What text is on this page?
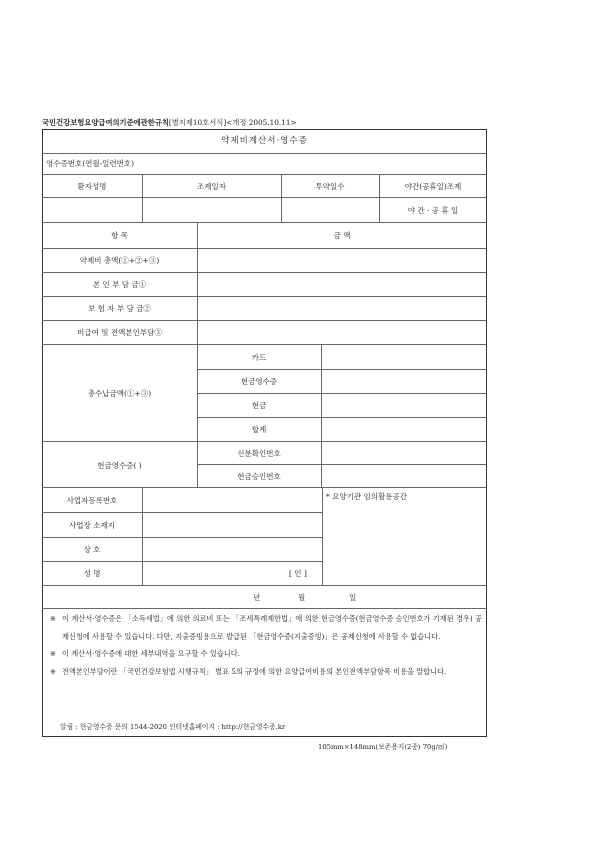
국민건강보험요양급여의기준에관한규칙[별지제10호서식]<개정 2005.10.11>
약제비계산서·영수증
영수증번호(연월-일련번호)
환자성명	조제일자	투약일수	야간(공휴일)조제
야 간 · 공 휴 일
항 목	금 액
약제비 총액(①+②+③)
본 인 부 담 금①
보 험 자 부 담 금②
비급여 및 전액본인부담③
총수납금액(①+③)
카드
현금영수증
현금
합계
현금영수증( )
신분확인번호
현금승인번호
사업자등록번호
사업장 소재지
상 호
성 명	[ 인 ]
* 요양기관 임의활용공간
년	월	일
※ 이 계산서·영수증은 「소득세법」에 의한 의료비 또는 「조세특례제한법」에 의한 현금영수증(현금영수증 승인번호가 기재된 경우) 공제신청에 사용할 수 있습니다. 다만, 지출증빙용으로 발급된 「현금영수증(지출증빙)」은 공제신청에 사용할 수 없습니다.
※ 이 계산서·영수증에 대한 세부내역을 요구할 수 있습니다.
※ 전액본인부담이란 「국민건강보험법 시행규칙」 별표 5의 규정에 의한 요양급여비용의 본인전액부담항목 비용을 말합니다.
알림 : 현금영수증 문의 1544-2020 인터넷홈페이지 : http://현금영수증.kr
105mm×148mm(보존용지(2종) 70g/㎡)
